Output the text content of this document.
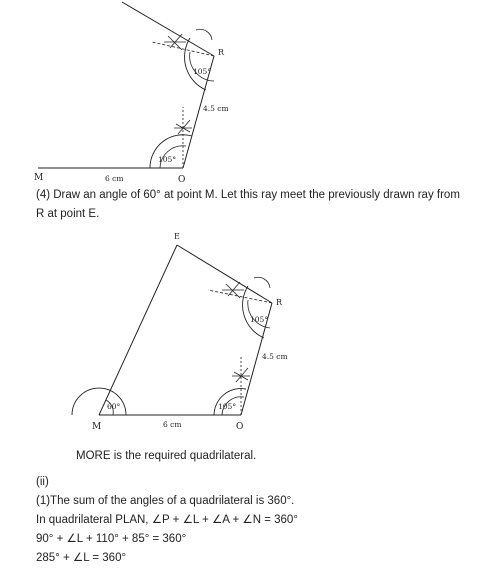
M	O
R
6 cm
4.5 cm
105°
105°
(4) Draw an angle of 60° at point M. Let this ray meet the previously drawn ray from
R at point E.
E
M	O
R
6 cm
4.5 cm
60°	105°
105°
MORE is the required quadrilateral.
(ii)
(1)The sum of the angles of a quadrilateral is 360°.
In quadrilateral PLAN, ∠P + ∠L + ∠A + ∠N = 360°
90° + ∠L + 110° + 85° = 360°
285° + ∠L = 360°
